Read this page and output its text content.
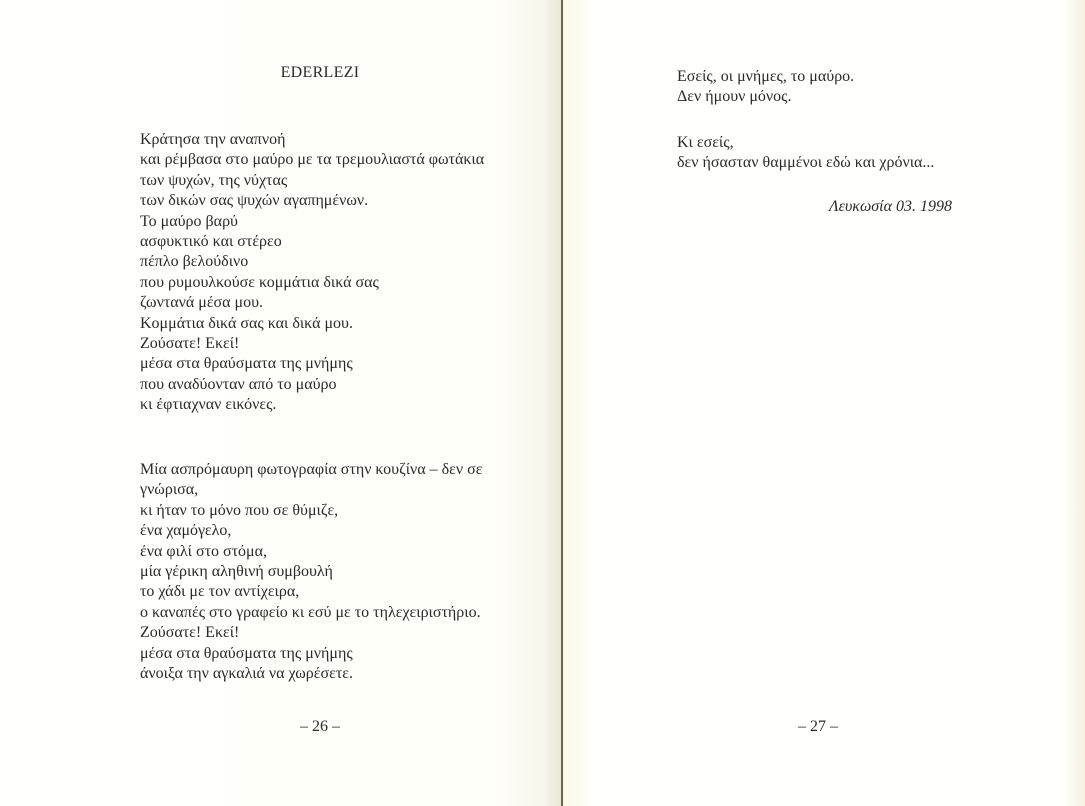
EDERLEZI
Κράτησα την αναπνοή
και ρέμβασα στο μαύρο με τα τρεμουλιαστά φωτάκια
των ψυχών, της νύχτας
των δικών σας ψυχών αγαπημένων.
Το μαύρο βαρύ
ασφυκτικό και στέρεο
πέπλο βελούδινο
που ρυμουλκούσε κομμάτια δικά σας
ζωντανά μέσα μου.
Κομμάτια δικά σας και δικά μου.
Ζούσατε! Εκεί!
μέσα στα θραύσματα της μνήμης
που αναδύονταν από το μαύρο
κι έφτιαχναν εικόνες.
Μία ασπρόμαυρη φωτογραφία στην κουζίνα – δεν σε
γνώρισα,
κι ήταν το μόνο που σε θύμιζε,
ένα χαμόγελο,
ένα φιλί στο στόμα,
μία γέρικη αληθινή συμβουλή
το χάδι με τον αντίχειρα,
ο καναπές στο γραφείο κι εσύ με το τηλεχειριστήριο.
Ζούσατε! Εκεί!
μέσα στα θραύσματα της μνήμης
άνοιξα την αγκαλιά να χωρέσετε.
– 26 –
Εσείς, οι μνήμες, το μαύρο.
Δεν ήμουν μόνος.
Κι εσείς,
δεν ήσασταν θαμμένοι εδώ και χρόνια...
Λευκωσία 03. 1998
– 27 –
